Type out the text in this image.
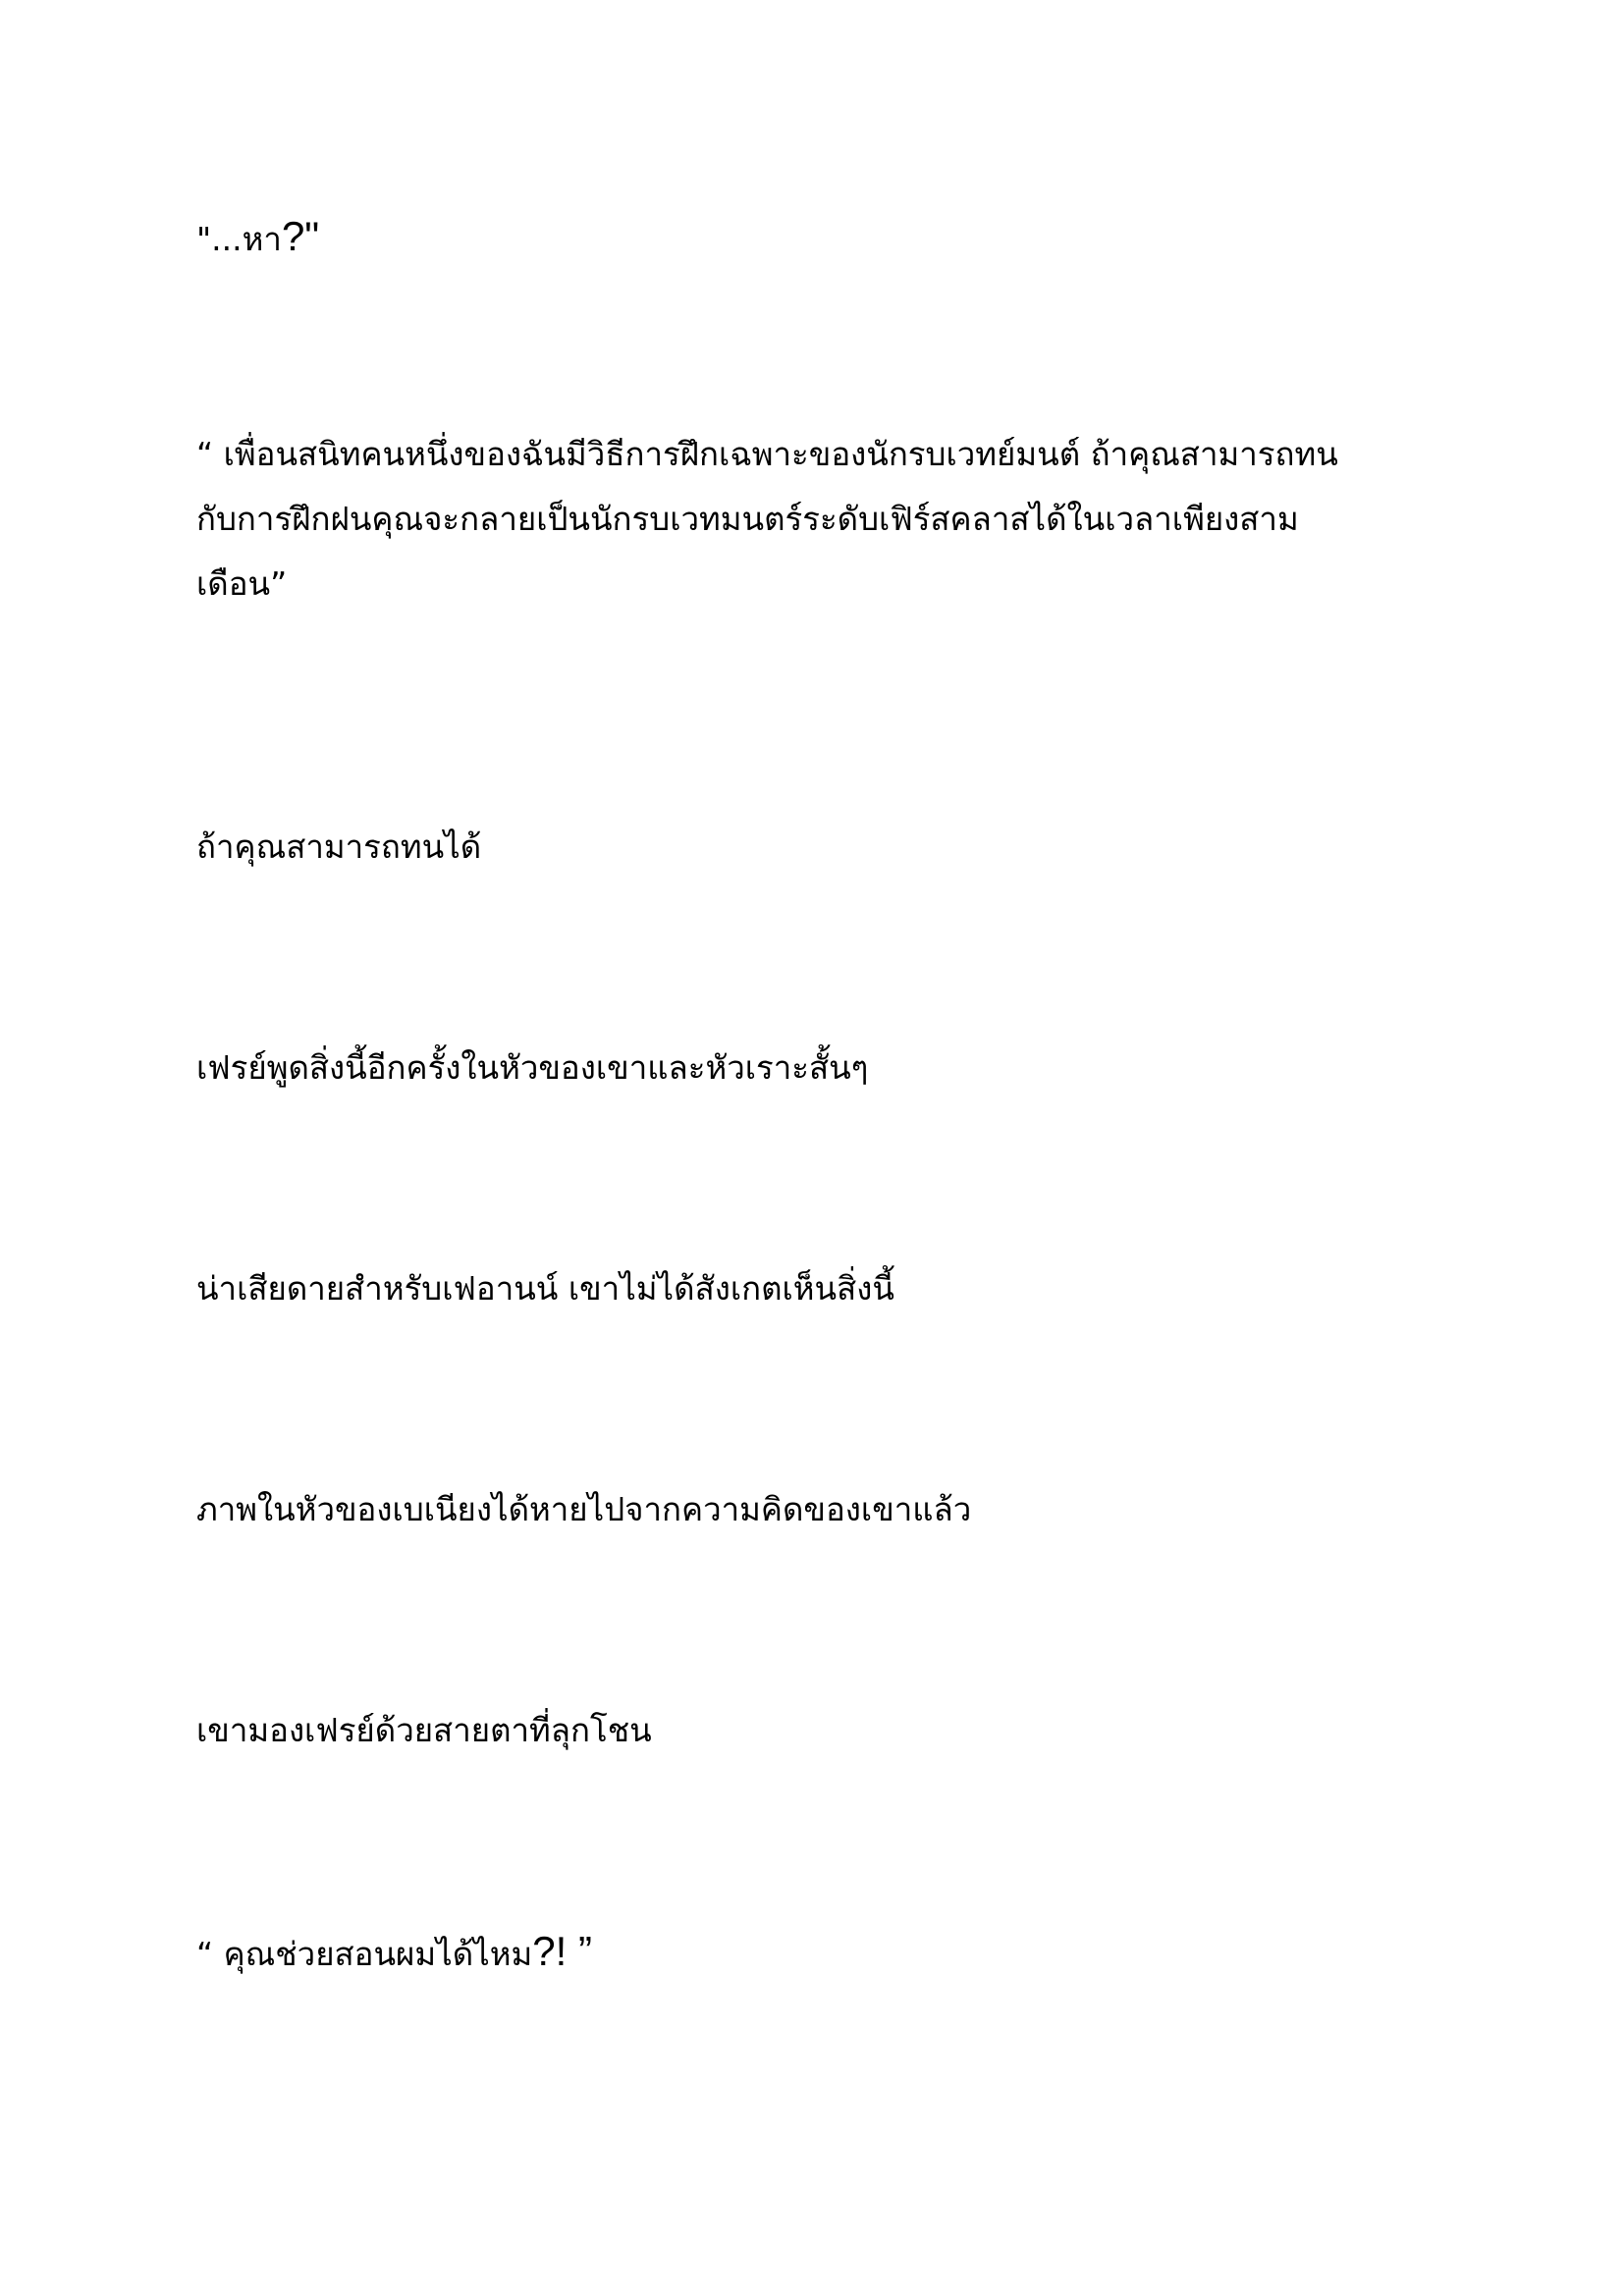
"...หา?"

“ เพื่อนสนิทคนหนึ่งของฉันมีวิธีการฝึกเฉพาะของนักรบเวทย์มนต์ ถ้าคุณสามารถทน
กับการฝึกฝนคุณจะกลายเป็นนักรบเวทมนตร์ระดับเฟิร์สคลาสได้ในเวลาเพียงสาม
เดือน”

ถ้าคุณสามารถทนได้

เฟรย์พูดสิ่งนี้อีกครั้งในหัวของเขาและหัวเราะสั้นๆ

น่าเสียดายสำหรับเฟอานน์ เขาไม่ได้สังเกตเห็นสิ่งนี้

ภาพในหัวของเบเนียงได้หายไปจากความคิดของเขาแล้ว

เขามองเฟรย์ด้วยสายตาที่ลุกโชน

“ คุณช่วยสอนผมได้ไหม?! ”
